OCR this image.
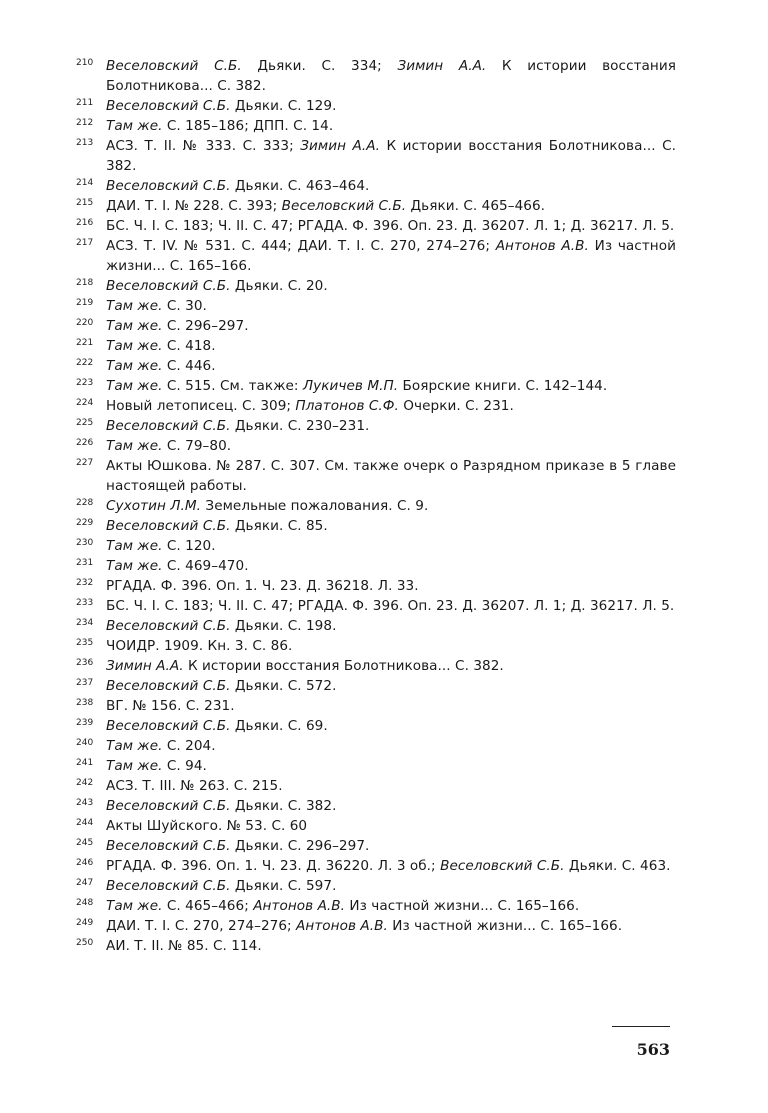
210 Веселовский С.Б. Дьяки. С. 334; Зимин А.А. К истории восстания Болотникова... С. 382.
211 Веселовский С.Б. Дьяки. С. 129.
212 Там же. С. 185–186; ДПП. С. 14.
213 АСЗ. Т. II. № 333. С. 333; Зимин А.А. К истории восстания Болотникова... С. 382.
214 Веселовский С.Б. Дьяки. С. 463–464.
215 ДАИ. Т. I. № 228. С. 393; Веселовский С.Б. Дьяки. С. 465–466.
216 БС. Ч. I. С. 183; Ч. II. С. 47; РГАДА. Ф. 396. Оп. 23. Д. 36207. Л. 1; Д. 36217. Л. 5.
217 АСЗ. Т. IV. № 531. С. 444; ДАИ. Т. I. С. 270, 274–276; Антонов А.В. Из частной жизни... С. 165–166.
218 Веселовский С.Б. Дьяки. С. 20.
219 Там же. С. 30.
220 Там же. С. 296–297.
221 Там же. С. 418.
222 Там же. С. 446.
223 Там же. С. 515. См. также: Лукичев М.П. Боярские книги. С. 142–144.
224 Новый летописец. С. 309; Платонов С.Ф. Очерки. С. 231.
225 Веселовский С.Б. Дьяки. С. 230–231.
226 Там же. С. 79–80.
227 Акты Юшкова. № 287. С. 307. См. также очерк о Разрядном приказе в 5 главе настоящей работы.
228 Сухотин Л.М. Земельные пожалования. С. 9.
229 Веселовский С.Б. Дьяки. С. 85.
230 Там же. С. 120.
231 Там же. С. 469–470.
232 РГАДА. Ф. 396. Оп. 1. Ч. 23. Д. 36218. Л. 33.
233 БС. Ч. I. С. 183; Ч. II. С. 47; РГАДА. Ф. 396. Оп. 23. Д. 36207. Л. 1; Д. 36217. Л. 5.
234 Веселовский С.Б. Дьяки. С. 198.
235 ЧОИДР. 1909. Кн. 3. С. 86.
236 Зимин А.А. К истории восстания Болотникова... С. 382.
237 Веселовский С.Б. Дьяки. С. 572.
238 ВГ. № 156. С. 231.
239 Веселовский С.Б. Дьяки. С. 69.
240 Там же. С. 204.
241 Там же. С. 94.
242 АСЗ. Т. III. № 263. С. 215.
243 Веселовский С.Б. Дьяки. С. 382.
244 Акты Шуйского. № 53. С. 60
245 Веселовский С.Б. Дьяки. С. 296–297.
246 РГАДА. Ф. 396. Оп. 1. Ч. 23. Д. 36220. Л. 3 об.; Веселовский С.Б. Дьяки. С. 463.
247 Веселовский С.Б. Дьяки. С. 597.
248 Там же. С. 465–466; Антонов А.В. Из частной жизни... С. 165–166.
249 ДАИ. Т. I. С. 270, 274–276; Антонов А.В. Из частной жизни... С. 165–166.
250 АИ. Т. II. № 85. С. 114.
563
